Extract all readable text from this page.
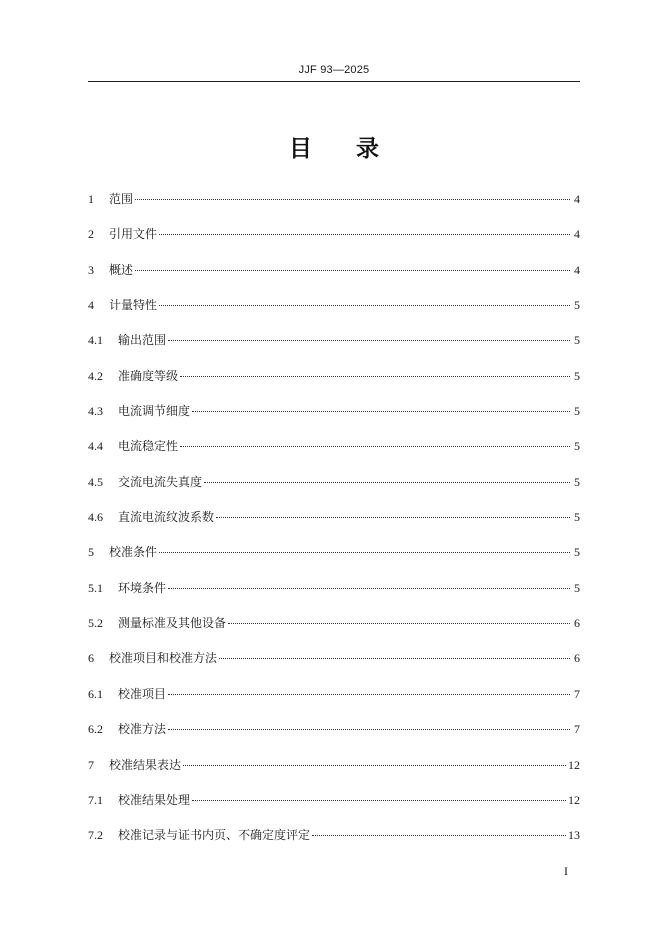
JJF 93—2025
目 录
1	范围	4
2	引用文件	4
3	概述	4
4	计量特性	5
4.1	输出范围	5
4.2	准确度等级	5
4.3	电流调节细度	5
4.4	电流稳定性	5
4.5	交流电流失真度	5
4.6	直流电流纹波系数	5
5	校准条件	5
5.1	环境条件	5
5.2	测量标准及其他设备	6
6	校准项目和校准方法	6
6.1	校准项目	7
6.2	校准方法	7
7	校准结果表达	12
7.1	校准结果处理	12
7.2	校准记录与证书内页、不确定度评定	13
I
